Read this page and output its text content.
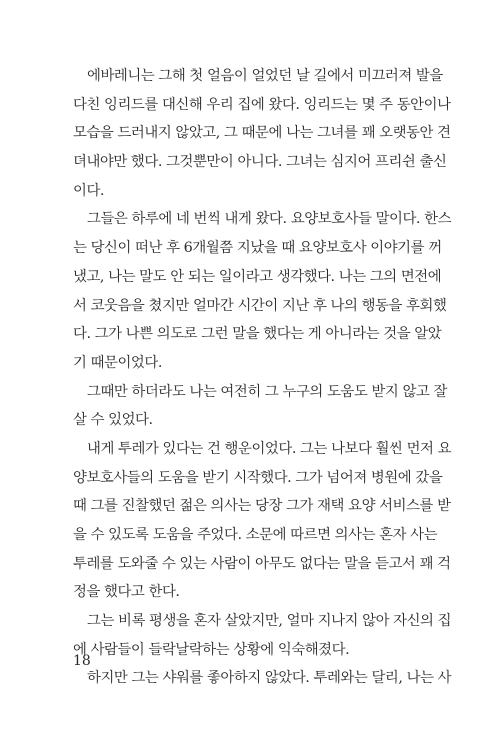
에바레니는 그해 첫 얼음이 얼었던 날 길에서 미끄러져 발을
다친 잉리드를 대신해 우리 집에 왔다. 잉리드는 몇 주 동안이나
모습을 드러내지 않았고, 그 때문에 나는 그녀를 꽤 오랫동안 견
뎌내야만 했다. 그것뿐만이 아니다. 그녀는 심지어 프리쉰 출신
이다.
그들은 하루에 네 번씩 내게 왔다. 요양보호사들 말이다. 한스
는 당신이 떠난 후 6개월쯤 지났을 때 요양보호사 이야기를 꺼
냈고, 나는 말도 안 되는 일이라고 생각했다. 나는 그의 면전에
서 코웃음을 쳤지만 얼마간 시간이 지난 후 나의 행동을 후회했
다. 그가 나쁜 의도로 그런 말을 했다는 게 아니라는 것을 알았
기 때문이었다.
그때만 하더라도 나는 여전히 그 누구의 도움도 받지 않고 잘
살 수 있었다.
내게 투레가 있다는 건 행운이었다. 그는 나보다 훨씬 먼저 요
양보호사들의 도움을 받기 시작했다. 그가 넘어져 병원에 갔을
때 그를 진찰했던 젊은 의사는 당장 그가 재택 요양 서비스를 받
을 수 있도록 도움을 주었다. 소문에 따르면 의사는 혼자 사는
투레를 도와줄 수 있는 사람이 아무도 없다는 말을 듣고서 꽤 걱
정을 했다고 한다.
그는 비록 평생을 혼자 살았지만, 얼마 지나지 않아 자신의 집
에 사람들이 들락날락하는 상황에 익숙해졌다.
하지만 그는 샤워를 좋아하지 않았다. 투레와는 달리, 나는 사
18
